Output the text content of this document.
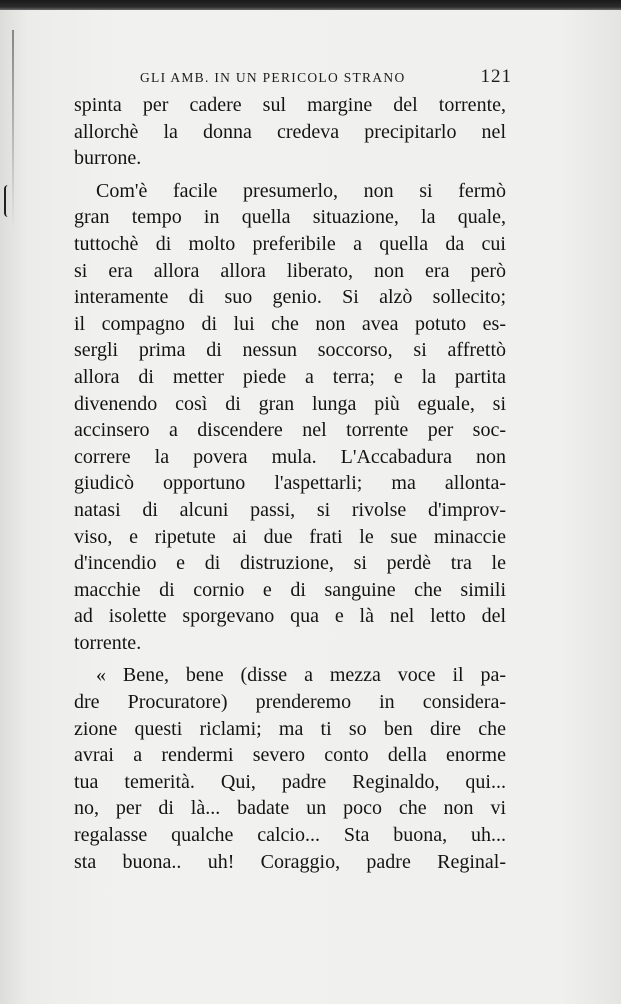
GLI AMB. IN UN PERICOLO STRANO	121
spinta per cadere sul margine del torrente,
allorchè la donna credeva precipitarlo nel
burrone.
Com'è facile presumerlo, non si fermò
gran tempo in quella situazione, la quale,
tuttochè di molto preferibile a quella da cui
si era allora allora liberato, non era però
interamente di suo genio. Si alzò sollecito;
il compagno di lui che non avea potuto es-
sergli prima di nessun soccorso, si affrettò
allora di metter piede a terra; e la partita
divenendo così di gran lunga più eguale, si
accinsero a discendere nel torrente per soc-
correre la povera mula. L'Accabadura non
giudicò opportuno l'aspettarli; ma allonta-
natasi di alcuni passi, si rivolse d'improv-
viso, e ripetute ai due frati le sue minaccie
d'incendio e di distruzione, si perdè tra le
macchie di cornio e di sanguine che simili
ad isolette sporgevano qua e là nel letto del
torrente.
« Bene, bene (disse a mezza voce il pa-
dre Procuratore) prenderemo in considera-
zione questi riclami; ma ti so ben dire che
avrai a rendermi severo conto della enorme
tua temerità. Qui, padre Reginaldo, qui...
no, per di là... badate un poco che non vi
regalasse qualche calcio... Sta buona, uh...
sta buona.. uh! Coraggio, padre Reginal-
